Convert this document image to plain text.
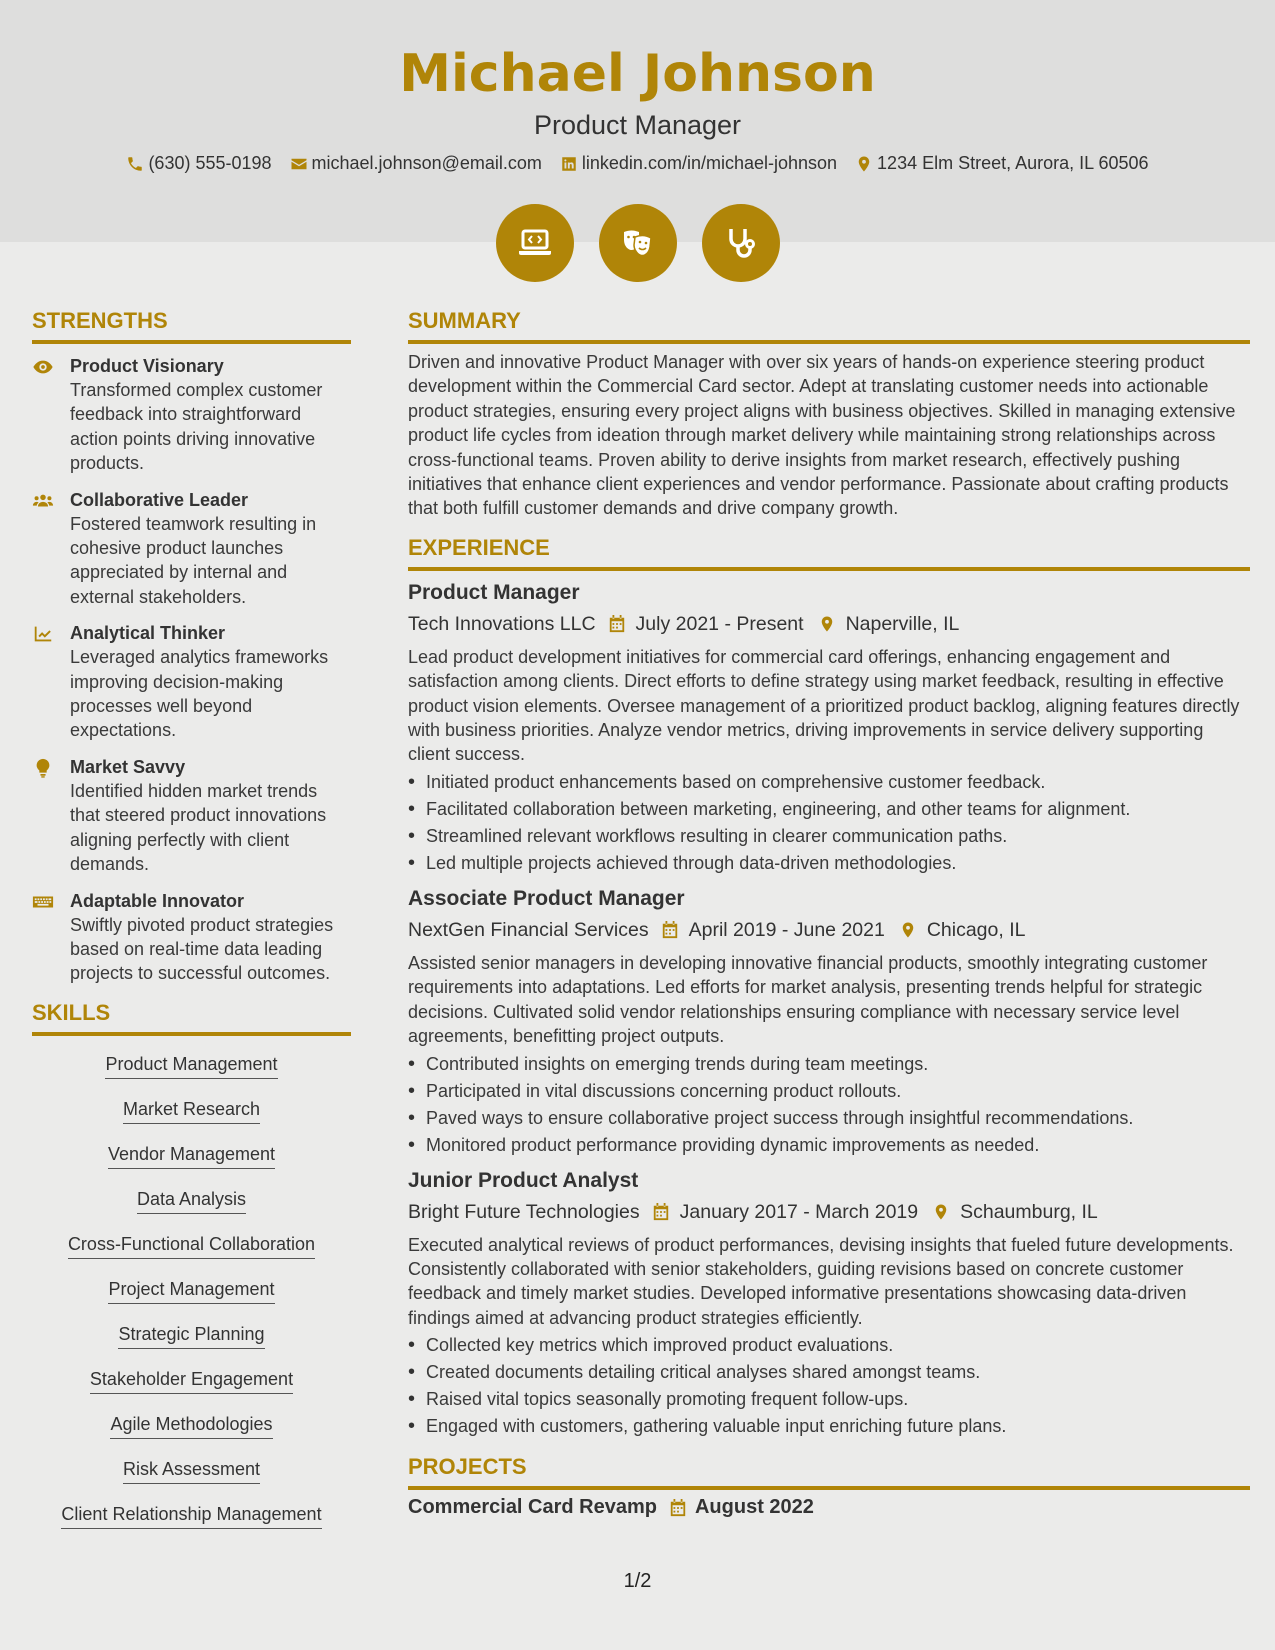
Michael Johnson
Product Manager
(630) 555-0198 michael.johnson@email.com linkedin.com/in/michael-johnson 1234 Elm Street, Aurora, IL 60506
STRENGTHS
Product Visionary
Transformed complex customer feedback into straightforward action points driving innovative products.
Collaborative Leader
Fostered teamwork resulting in cohesive product launches appreciated by internal and external stakeholders.
Analytical Thinker
Leveraged analytics frameworks improving decision-making processes well beyond expectations.
Market Savvy
Identified hidden market trends that steered product innovations aligning perfectly with client demands.
Adaptable Innovator
Swiftly pivoted product strategies based on real-time data leading projects to successful outcomes.
SKILLS
Product Management
Market Research
Vendor Management
Data Analysis
Cross-Functional Collaboration
Project Management
Strategic Planning
Stakeholder Engagement
Agile Methodologies
Risk Assessment
Client Relationship Management
SUMMARY
Driven and innovative Product Manager with over six years of hands-on experience steering product development within the Commercial Card sector. Adept at translating customer needs into actionable product strategies, ensuring every project aligns with business objectives. Skilled in managing extensive product life cycles from ideation through market delivery while maintaining strong relationships across cross-functional teams. Proven ability to derive insights from market research, effectively pushing initiatives that enhance client experiences and vendor performance. Passionate about crafting products that both fulfill customer demands and drive company growth.
EXPERIENCE
Product Manager
Tech Innovations LLC July 2021 - Present Naperville, IL
Lead product development initiatives for commercial card offerings, enhancing engagement and satisfaction among clients. Direct efforts to define strategy using market feedback, resulting in effective product vision elements. Oversee management of a prioritized product backlog, aligning features directly with business priorities. Analyze vendor metrics, driving improvements in service delivery supporting client success.
• Initiated product enhancements based on comprehensive customer feedback.
• Facilitated collaboration between marketing, engineering, and other teams for alignment.
• Streamlined relevant workflows resulting in clearer communication paths.
• Led multiple projects achieved through data-driven methodologies.
Associate Product Manager
NextGen Financial Services April 2019 - June 2021 Chicago, IL
Assisted senior managers in developing innovative financial products, smoothly integrating customer requirements into adaptations. Led efforts for market analysis, presenting trends helpful for strategic decisions. Cultivated solid vendor relationships ensuring compliance with necessary service level agreements, benefitting project outputs.
• Contributed insights on emerging trends during team meetings.
• Participated in vital discussions concerning product rollouts.
• Paved ways to ensure collaborative project success through insightful recommendations.
• Monitored product performance providing dynamic improvements as needed.
Junior Product Analyst
Bright Future Technologies January 2017 - March 2019 Schaumburg, IL
Executed analytical reviews of product performances, devising insights that fueled future developments. Consistently collaborated with senior stakeholders, guiding revisions based on concrete customer feedback and timely market studies. Developed informative presentations showcasing data-driven findings aimed at advancing product strategies efficiently.
• Collected key metrics which improved product evaluations.
• Created documents detailing critical analyses shared amongst teams.
• Raised vital topics seasonally promoting frequent follow-ups.
• Engaged with customers, gathering valuable input enriching future plans.
PROJECTS
Commercial Card Revamp August 2022
1/2
